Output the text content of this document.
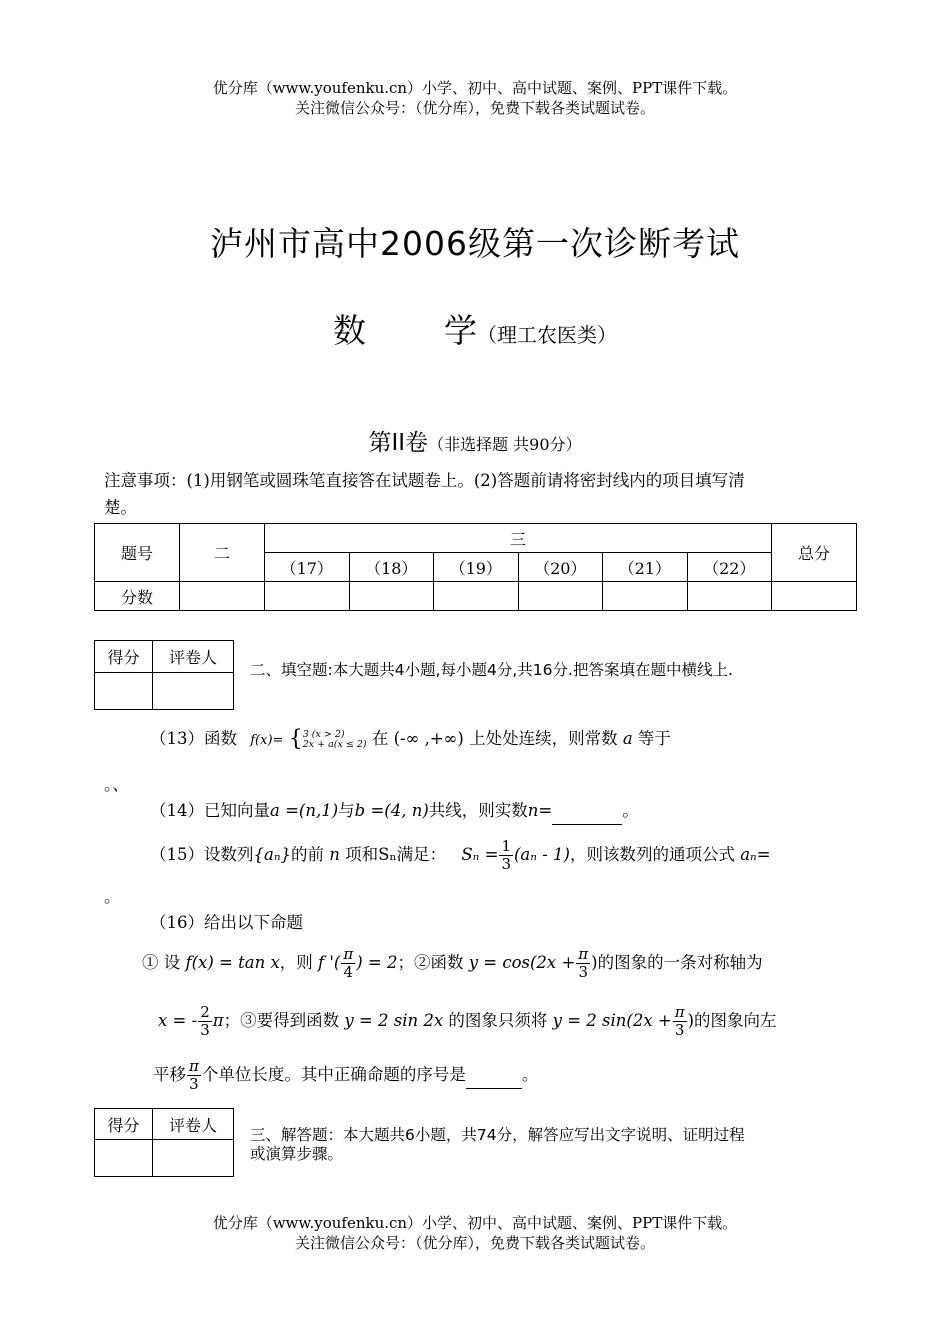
优分库（www.youfenku.cn）小学、初中、高中试题、案例、PPT课件下载。
关注微信公众号：（优分库），免费下载各类试题试卷。
泸州市高中2006级第一次诊断考试
数 学（理工农医类）
第II卷（非选择题 共90分）
注意事项：(1)用钢笔或圆珠笔直接答在试题卷上。(2)答题前请将密封线内的项目填写清
楚。
题号	二	三						总分
		（17）	（18）	（19）	（20）	（21）	（22）	
分数								
得分	评卷人

二、填空题:本大题共4小题,每小题4分,共16分.把答案填在题中横线上.
（13）函数 f(x)= { 3 (x > 2)
2x + a(x ≤ 2) 在 (-∞ ,+∞) 上处处连续，则常数 a 等于
。、
（14）已知向量a =(n,1)与b =(4, n)共线，则实数n=	。
（15）设数列{aₙ}的前 n 项和Sₙ满足： $S_n = \frac{1}{3} (a_n - 1)$，则该数列的通项公式 aₙ=
。
（16）给出以下命题
① 设 f(x) = tan x，则 f '( $\frac{\pi}{4}$ ) = 2；②函数 $y = \cos(2x + \frac{\pi}{3}$ )的图象的一条对称轴为
x = - $\frac{2}{3}$ π；③要得到函数 y = 2 sin 2x 的图象只须将 y = 2 $\sin(2x + \frac{\pi}{3}$ )的图象向左
平移 $\frac{\pi}{3}$ 个单位长度。其中正确命题的序号是	。
得分	评卷人

三、解答题：本大题共6小题，共74分，解答应写出文字说明、证明过程
或演算步骤。
优分库（www.youfenku.cn）小学、初中、高中试题、案例、PPT课件下载。
关注微信公众号：（优分库），免费下载各类试题试卷。
